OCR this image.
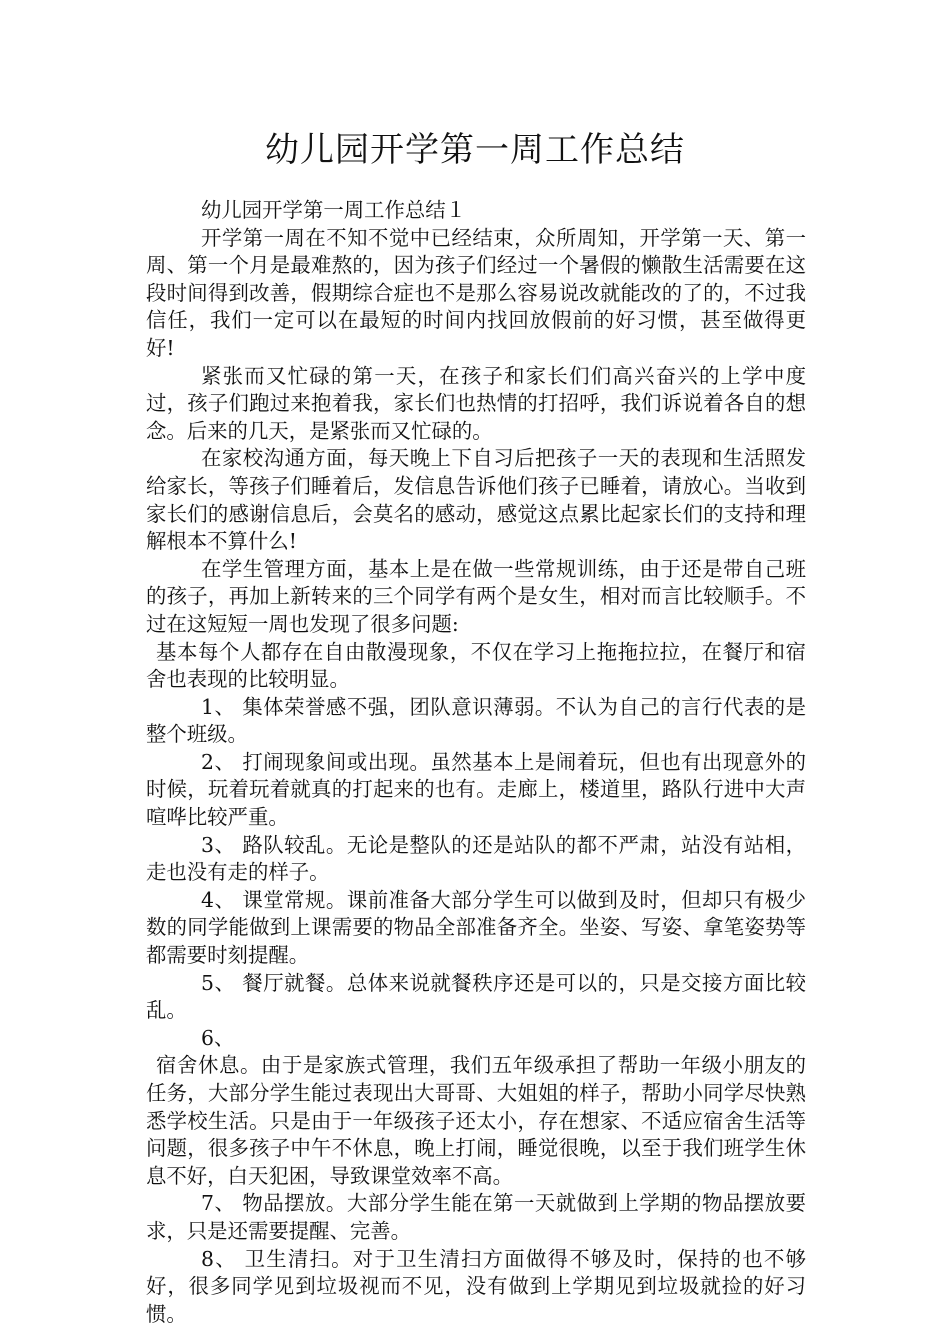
幼儿园开学第一周工作总结

幼儿园开学第一周工作总结１

开学第一周在不知不觉中已经结束，众所周知，开学第一天、第一周、第一个月是最难熬的，因为孩子们经过一个暑假的懒散生活需要在这段时间得到改善，假期综合症也不是那么容易说改就能改的了的，不过我信任，我们一定可以在最短的时间内找回放假前的好习惯，甚至做得更好!

紧张而又忙碌的第一天，在孩子和家长们们高兴奋兴的上学中度过，孩子们跑过来抱着我，家长们也热情的打招呼，我们诉说着各自的想念。后来的几天，是紧张而又忙碌的。

在家校沟通方面，每天晚上下自习后把孩子一天的表现和生活照发给家长，等孩子们睡着后，发信息告诉他们孩子已睡着，请放心。当收到家长们的感谢信息后，会莫名的感动，感觉这点累比起家长们的支持和理解根本不算什么!

在学生管理方面，基本上是在做一些常规训练，由于还是带自己班的孩子，再加上新转来的三个同学有两个是女生，相对而言比较顺手。不过在这短短一周也发现了很多问题:

基本每个人都存在自由散漫现象，不仅在学习上拖拖拉拉，在餐厅和宿舍也表现的比较明显。

1、 集体荣誉感不强，团队意识薄弱。不认为自己的言行代表的是整个班级。

2、 打闹现象间或出现。虽然基本上是闹着玩，但也有出现意外的时候，玩着玩着就真的打起来的也有。走廊上，楼道里，路队行进中大声喧哗比较严重。

3、 路队较乱。无论是整队的还是站队的都不严肃，站没有站相，走也没有走的样子。

4、 课堂常规。课前准备大部分学生可以做到及时，但却只有极少数的同学能做到上课需要的物品全部准备齐全。坐姿、写姿、拿笔姿势等都需要时刻提醒。

5、 餐厅就餐。总体来说就餐秩序还是可以的，只是交接方面比较乱。

6、

宿舍休息。由于是家族式管理，我们五年级承担了帮助一年级小朋友的任务，大部分学生能过表现出大哥哥、大姐姐的样子，帮助小同学尽快熟悉学校生活。只是由于一年级孩子还太小，存在想家、不适应宿舍生活等问题，很多孩子中午不休息，晚上打闹，睡觉很晚，以至于我们班学生休息不好，白天犯困，导致课堂效率不高。

7、 物品摆放。大部分学生能在第一天就做到上学期的物品摆放要求，只是还需要提醒、完善。

8、 卫生清扫。对于卫生清扫方面做得不够及时，保持的也不够好，很多同学见到垃圾视而不见，没有做到上学期见到垃圾就捡的好习惯。
